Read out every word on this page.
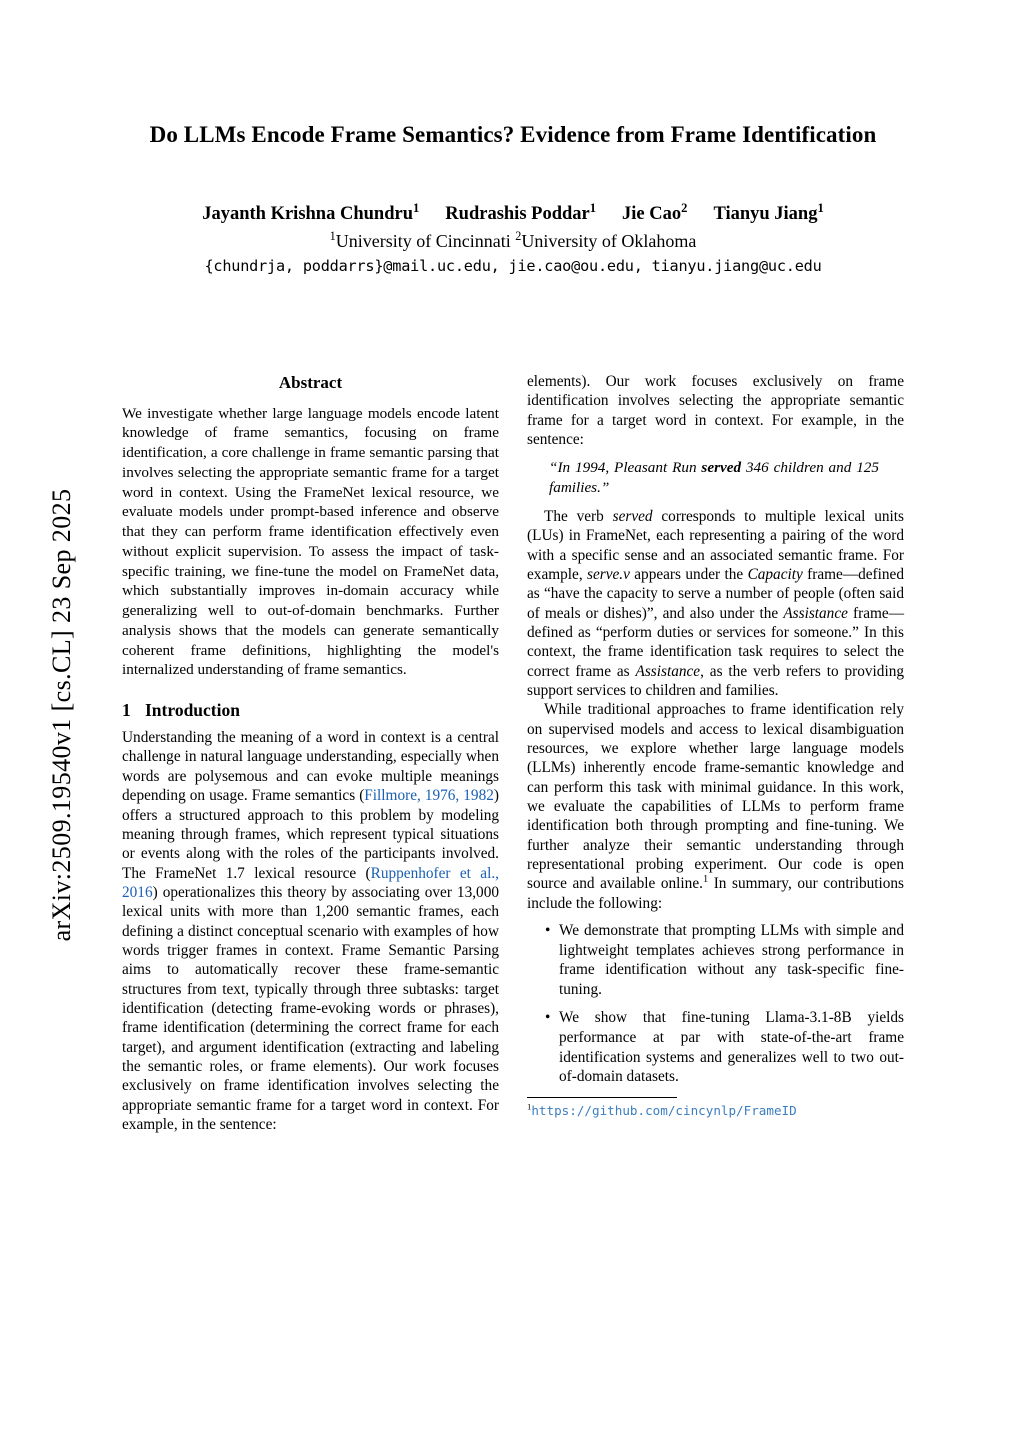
arXiv:2509.19540v1 [cs.CL] 23 Sep 2025
Do LLMs Encode Frame Semantics? Evidence from Frame Identification
Jayanth Krishna Chundru$^1$ Rudrashis Poddar$^1$ Jie Cao$^2$ Tianyu Jiang$^1$
$^1$University of Cincinnati $^2$University of Oklahoma
{chundrja, poddarrs}@mail.uc.edu, jie.cao@ou.edu, tianyu.jiang@uc.edu
Abstract
We investigate whether large language models encode latent knowledge of frame semantics, focusing on frame identification, a core challenge in frame semantic parsing that involves selecting the appropriate semantic frame for a target word in context. Using the FrameNet lexical resource, we evaluate models under prompt-based inference and observe that they can perform frame identification effectively even without explicit supervision. To assess the impact of task-specific training, we fine-tune the model on FrameNet data, which substantially improves in-domain accuracy while generalizing well to out-of-domain benchmarks. Further analysis shows that the models can generate semantically coherent frame definitions, highlighting the model's internalized understanding of frame semantics.
1 Introduction

Understanding the meaning of a word in context is a central challenge in natural language understanding, especially when words are polysemous and can evoke multiple meanings depending on usage. Frame semantics (Fillmore, 1976, 1982) offers a structured approach to this problem by modeling meaning through frames, which represent typical situations or events along with the roles of the participants involved. The FrameNet 1.7 lexical resource (Ruppenhofer et al., 2016) operationalizes this theory by associating over 13,000 lexical units with more than 1,200 semantic frames, each defining a distinct conceptual scenario with examples of how words trigger frames in context. Frame Semantic Parsing aims to automatically recover these frame-semantic structures from text, typically through three subtasks: target identification (detecting frame-evoking words or phrases), frame identification (determining the correct frame for each target), and argument identification (extracting and labeling the semantic roles, or frame elements). Our work focuses exclusively on frame identification involves selecting the appropriate semantic frame for a target word in context. For example, in the sentence:

elements). Our work focuses exclusively on frame identification involves selecting the appropriate semantic frame for a target word in context. For example, in the sentence:

“In 1994, Pleasant Run served 346 children and 125 families.”

The verb served corresponds to multiple lexical units (LUs) in FrameNet, each representing a pairing of the word with a specific sense and an associated semantic frame. For example, serve.v appears under the Capacity frame—defined as “have the capacity to serve a number of people (often said of meals or dishes)”, and also under the Assistance frame—defined as “perform duties or services for someone.” In this context, the frame identification task requires to select the correct frame as Assistance, as the verb refers to providing support services to children and families.

While traditional approaches to frame identification rely on supervised models and access to lexical disambiguation resources, we explore whether large language models (LLMs) inherently encode frame-semantic knowledge and can perform this task with minimal guidance. In this work, we evaluate the capabilities of LLMs to perform frame identification both through prompting and fine-tuning. We further analyze their semantic understanding through representational probing experiment. Our code is open source and available online.$^1$ In summary, our contributions include the following:

• We demonstrate that prompting LLMs with simple and lightweight templates achieves strong performance in frame identification without any task-specific fine-tuning.
• We show that fine-tuning Llama-3.1-8B yields performance at par with state-of-the-art frame identification systems and generalizes well to two out-of-domain datasets.
$^1$https://github.com/cincynlp/FrameID
